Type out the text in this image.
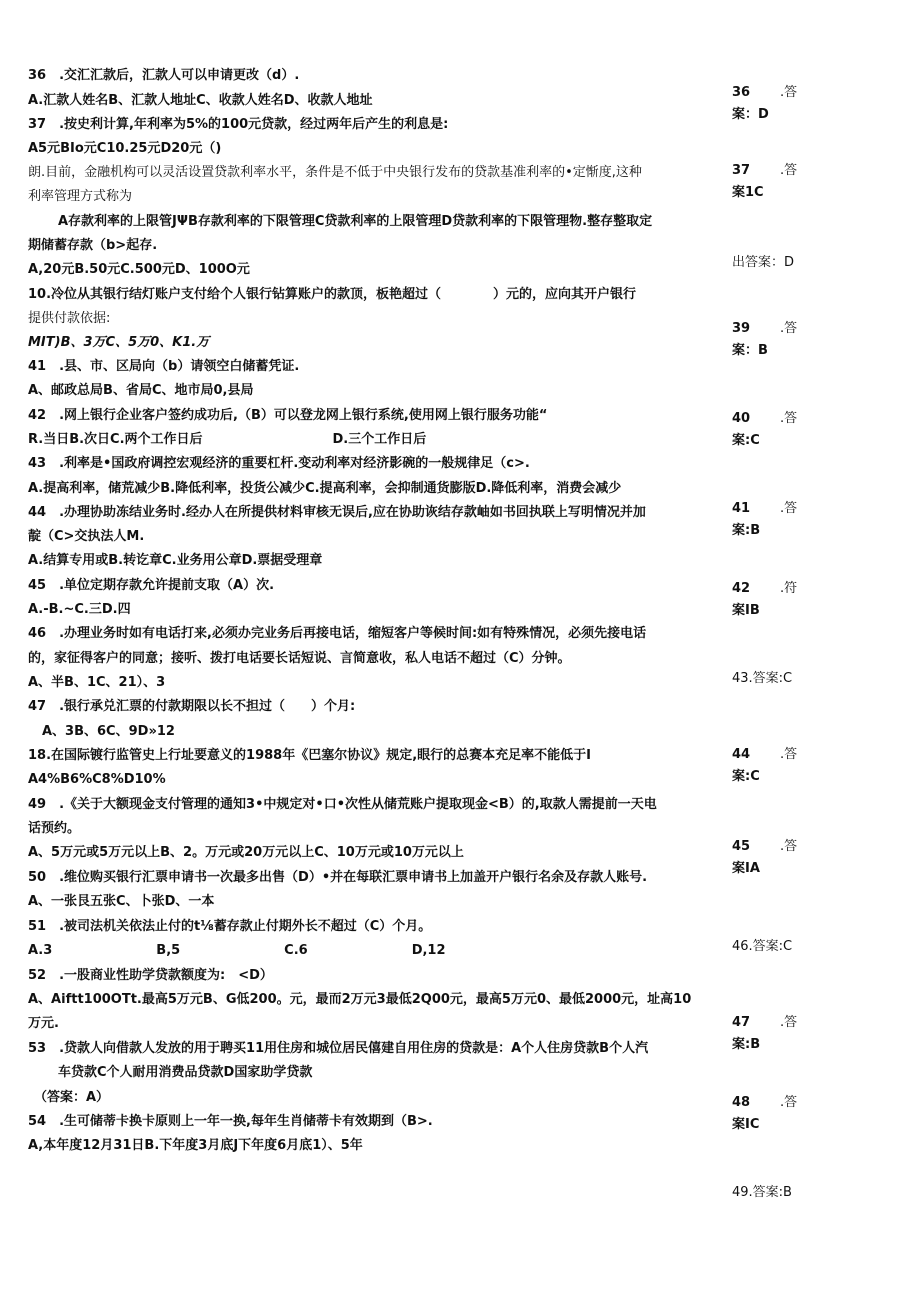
36　.交汇汇款后，汇款人可以申请更改（d）.
A.汇款人姓名B、汇款人地址C、收款人姓名D、收款人地址
37　.按史利计算,年利率为5%的100元贷款，经过两年后产生的利息是:
A5元BIo元C10.25元D20元（)
朗.目前，金融机构可以灵活设置贷款利率水平，条件是不低于中央银行发布的贷款基准利率的•定惭度,这种
利率管理方式称为
A存款利率的上限管JΨB存款利率的下限管理C贷款利率的上限管理D贷款利率的下限管理物.整存整取定
期储蓄存款（b>起存.
A,20元B.50元C.500元D、100O元
10.冷位从其银行结灯账户支付给个人银行钻算账户的款顶，板艳超过（　　　　）元的，应向其开户银行
提供付款依据:
MIT)B、3万C、5万0、K1.万
41　.县、市、区局向（b）请领空白储蓄凭证.
A、邮政总局B、省局C、地市局0,县局
42　.网上银行企业客户签约成功后,（B）可以登龙网上银行系统,使用网上银行服务功能“
R.当日B.次日C.两个工作日后　　　　　　　　　　D.三个工作日后
43　.利率是•国政府调控宏观经济的重要杠杆.变动利率对经济影碗的一般规律足（c>.
A.提高利率，储荒减少B.降低利率，投货公减少C.提高利率，会抑制通货膨版D.降低利率，消费会减少
44　.办理协助冻结业务时.经办人在所提供材料审核无误后,应在协助诙结存款岫如书回执联上写明情况并加
靛（C>交执法人M.
A.结算专用或B.转讫章C.业务用公章D.票据受理章
45　.单位定期存款允许提前支取（A）次.
A.-B.~C.三D.四
46　.办理业务时如有电话打来,必须办完业务后再接电话，缩短客户等候时间:如有特殊情况，必须先接电话
的，家征得客户的同意；接听、拨打电话要长话短说、言简意收，私人电话不超过（C）分钟。
A、半B、1C、21）、3
47　.银行承兑汇票的付款期限以长不担过（　　）个月:
A、3B、6C、9D»12
18.在国际镀行监管史上行址要意义的1988年《巴塞尔协议》规定,眼行的总赛本充足率不能低于I
A4%B6%C8%D10%
49　.《关于大额现金支付管理的通知3•中规定对•口•次性从储荒账户提取现金<B）的,取款人需提前一天电
话预约。
A、5万元或5万元以上B、2。万元或20万元以上C、10万元或10万元以上
50　.维位购买银行汇票申请书一次最多出售（D）•并在每联汇票申请书上加盖开户银行名余及存款人账号.
A、一张艮五张C、卜张D、一本
51　.被司法机关依法止付的t⅛蓄存款止付期外长不超过（C）个月。
A.3　　　　　　　　B,5　　　　　　　　C.6　　　　　　　　D,12
52　.一股商业性助学贷款额度为:　<D）
A、Aiftt100OTt.最高5万元B、G低200。元，最而2万元3最低2Q00元，最高5万元0、最低2000元，址高10
万元.
53　.贷款人向借款人发放的用于聘买11用住房和城位居民僖建自用住房的贷款是：A个人住房贷款B个人汽
车贷款C个人耐用消费品贷款D国家助学贷款
（答案：A）
54　.生可储蒂卡换卡原则上一年一换,每年生肖储蒂卡有效期到（B>.
A,本年度12月31日B.下年度3月底J下年度6月底1）、5年
36 .答
案：D
37 .答
案1C
出答案：D
39 .答
案：B
40 .答
案:C
41 .答
案:B
42 .符
案IB
43.答案:C
44 .答
案:C
45 .答
案IA
46.答案:C
47 .答
案:B
48 .答
案IC
49.答案:B
